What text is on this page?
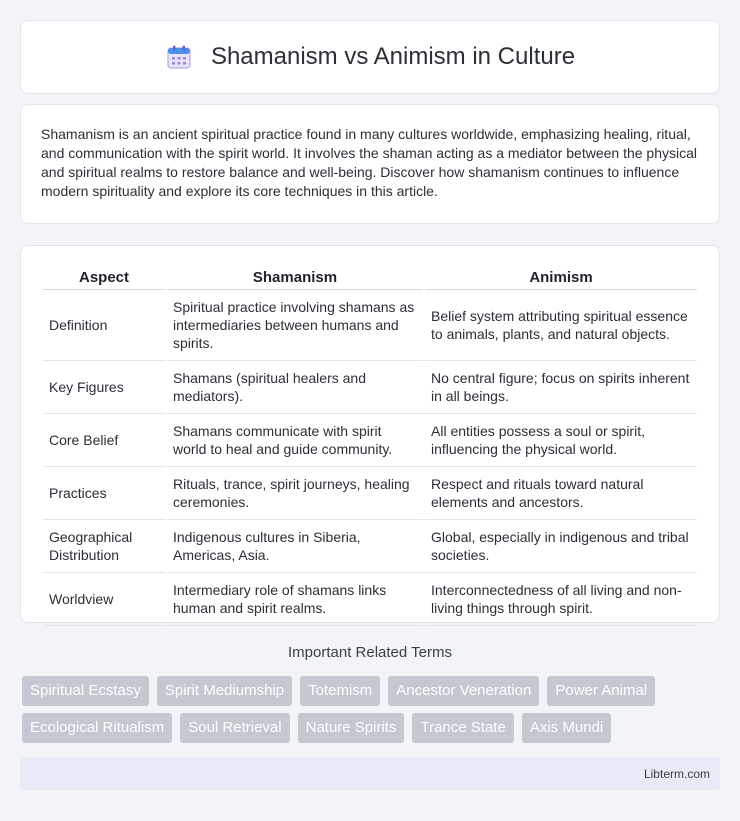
Shamanism vs Animism in Culture

Shamanism is an ancient spiritual practice found in many cultures worldwide, emphasizing healing, ritual, and communication with the spirit world. It involves the shaman acting as a mediator between the physical and spiritual realms to restore balance and well-being. Discover how shamanism continues to influence modern spirituality and explore its core techniques in this article.

Aspect	Shamanism	Animism
Definition	Spiritual practice involving shamans as intermediaries between humans and spirits.	Belief system attributing spiritual essence to animals, plants, and natural objects.
Key Figures	Shamans (spiritual healers and mediators).	No central figure; focus on spirits inherent in all beings.
Core Belief	Shamans communicate with spirit world to heal and guide community.	All entities possess a soul or spirit, influencing the physical world.
Practices	Rituals, trance, spirit journeys, healing ceremonies.	Respect and rituals toward natural elements and ancestors.
Geographical Distribution	Indigenous cultures in Siberia, Americas, Asia.	Global, especially in indigenous and tribal societies.
Worldview	Intermediary role of shamans links human and spirit realms.	Interconnectedness of all living and non-living things through spirit.
Important Related Terms
Spiritual Ecstasy	Spirit Mediumship	Totemism	Ancestor Veneration	Power Animal
Ecological Ritualism	Soul Retrieval	Nature Spirits	Trance State	Axis Mundi
Libterm.com
